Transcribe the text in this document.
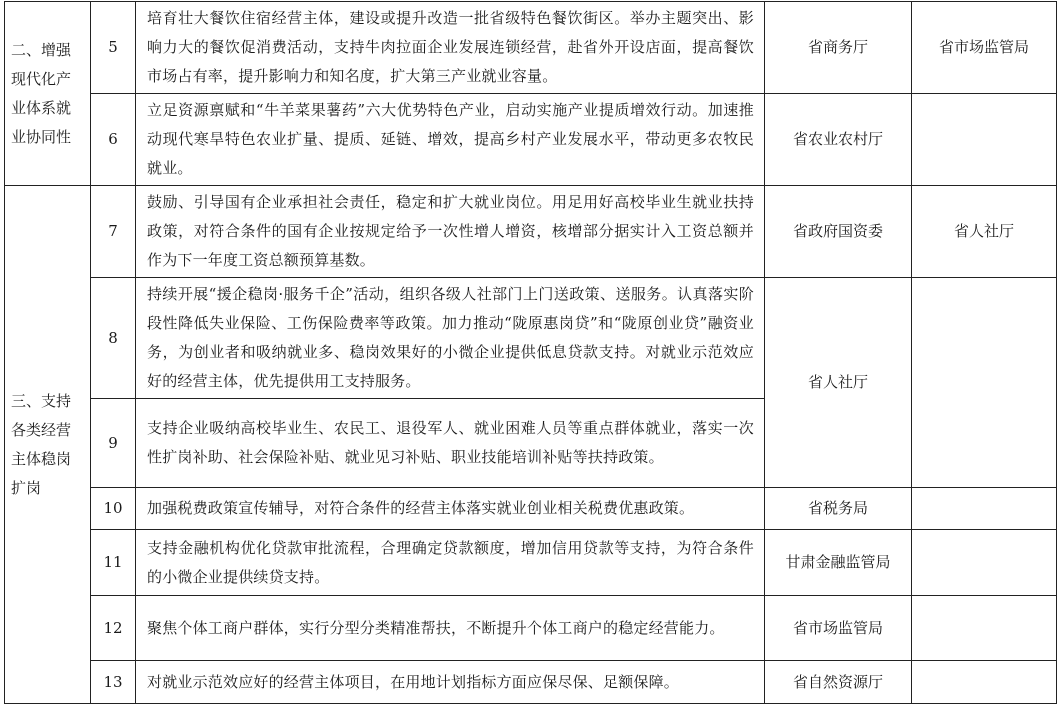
二、增强现代化产业体系就业协同性	5	培育壮大餐饮住宿经营主体，建设或提升改造一批省级特色餐饮街区。举办主题突出、影响力大的餐饮促消费活动，支持牛肉拉面企业发展连锁经营，赴省外开设店面，提高餐饮市场占有率，提升影响力和知名度，扩大第三产业就业容量。	省商务厅	省市场监管局
	6	立足资源禀赋和“牛羊菜果薯药”六大优势特色产业，启动实施产业提质增效行动。加速推动现代寒旱特色农业扩量、提质、延链、增效，提高乡村产业发展水平，带动更多农牧民就业。	省农业农村厅	
三、支持各类经营主体稳岗扩岗	7	鼓励、引导国有企业承担社会责任，稳定和扩大就业岗位。用足用好高校毕业生就业扶持政策，对符合条件的国有企业按规定给予一次性增人增资，核增部分据实计入工资总额并作为下一年度工资总额预算基数。	省政府国资委	省人社厅
	8	持续开展“援企稳岗·服务千企”活动，组织各级人社部门上门送政策、送服务。认真落实阶段性降低失业保险、工伤保险费率等政策。加力推动“陇原惠岗贷”和“陇原创业贷”融资业务，为创业者和吸纳就业多、稳岗效果好的小微企业提供低息贷款支持。对就业示范效应好的经营主体，优先提供用工支持服务。	省人社厅	
	9	支持企业吸纳高校毕业生、农民工、退役军人、就业困难人员等重点群体就业，落实一次性扩岗补助、社会保险补贴、就业见习补贴、职业技能培训补贴等扶持政策。		
	10	加强税费政策宣传辅导，对符合条件的经营主体落实就业创业相关税费优惠政策。	省税务局	
	11	支持金融机构优化贷款审批流程，合理确定贷款额度，增加信用贷款等支持，为符合条件的小微企业提供续贷支持。	甘肃金融监管局	
	12	聚焦个体工商户群体，实行分型分类精准帮扶，不断提升个体工商户的稳定经营能力。	省市场监管局	
	13	对就业示范效应好的经营主体项目，在用地计划指标方面应保尽保、足额保障。	省自然资源厅	
